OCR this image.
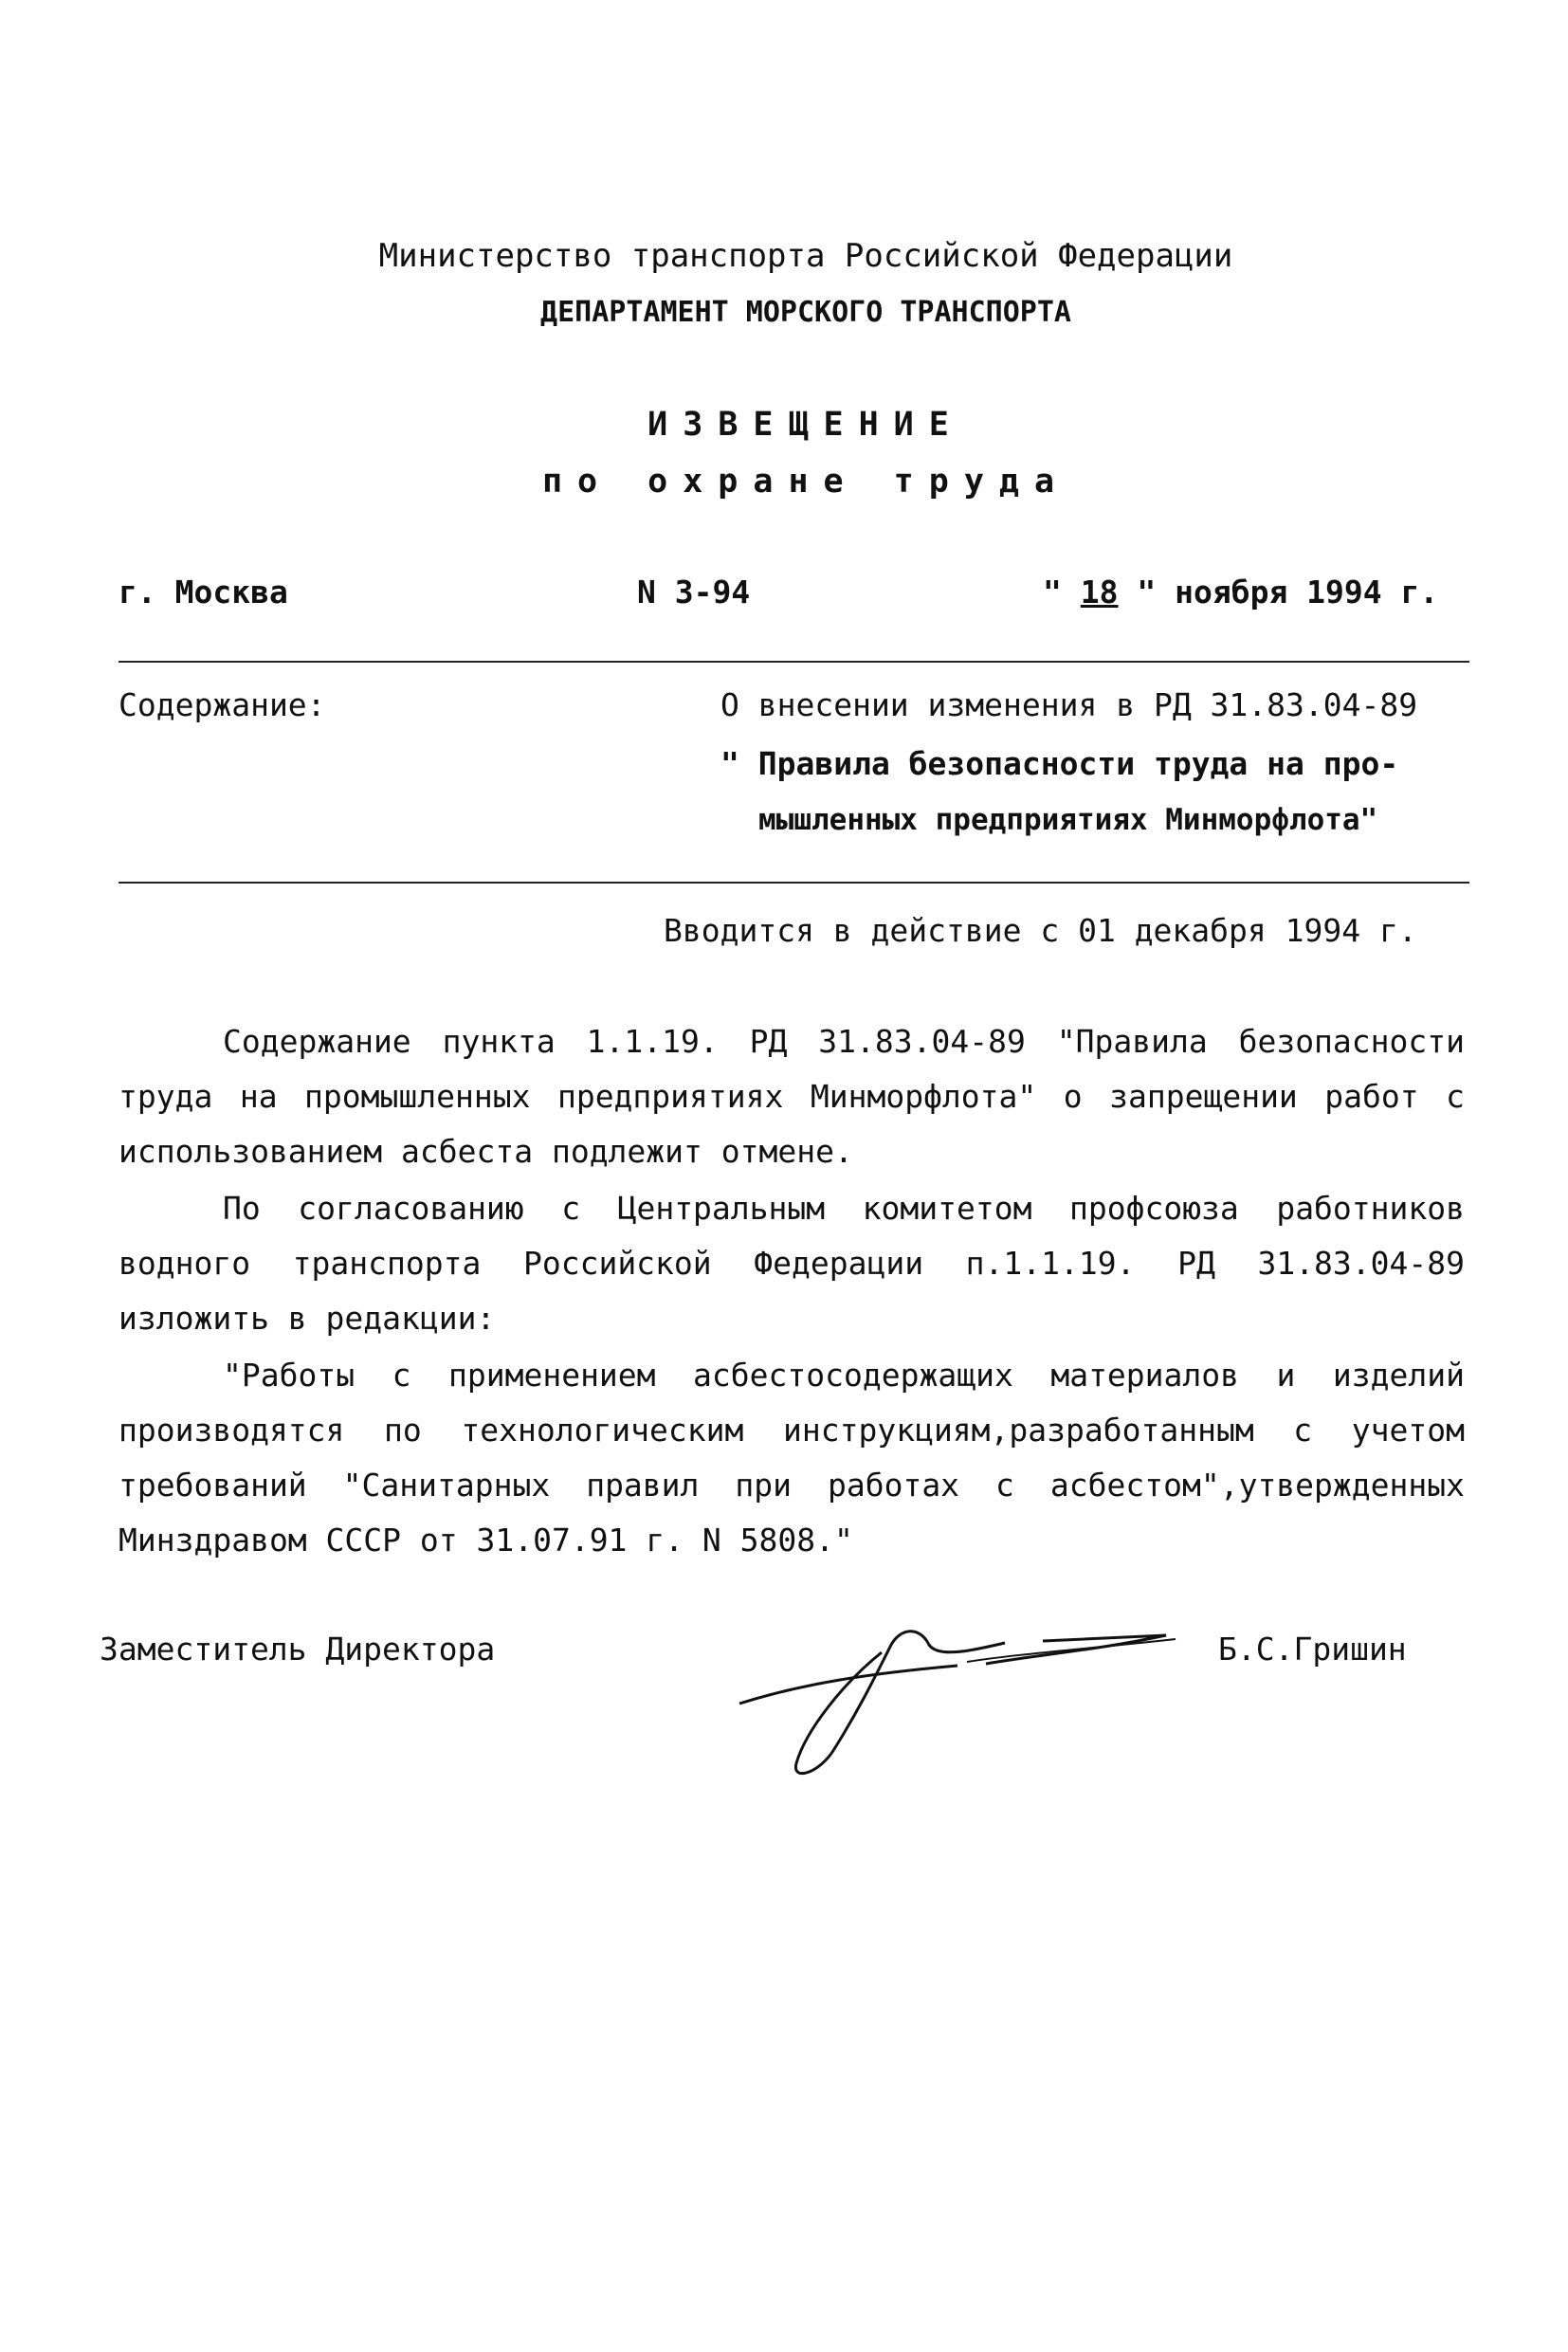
Министерство транспорта Российской Федерации
ДЕПАРТАМЕНТ МОРСКОГО ТРАНСПОРТА
ИЗВЕЩЕНИЕ
по охране труда
г. Москва	N 3-94	" 18 " ноября 1994 г.
Содержание:	О внесении изменения в РД 31.83.04-89
" Правила безопасности труда на про-
мышленных предприятиях Минморфлота"
Вводится в действие с 01 декабря 1994 г.
Содержание пункта 1.1.19. РД 31.83.04-89 "Правила безопасности труда на промышленных предприятиях Минморфлота" о запрещении работ с использованием асбеста подлежит отмене.
По согласованию с Центральным комитетом профсоюза работников водного транспорта Российской Федерации п.1.1.19. РД 31.83.04-89 изложить в редакции:
"Работы с применением асбестосодержащих материалов и изделий производятся по технологическим инструкциям,разработанным с учетом требований "Санитарных правил при работах с асбестом",утвержденных Минздравом СССР от 31.07.91 г. N 5808."
Заместитель Директора	Б.С.Гришин
